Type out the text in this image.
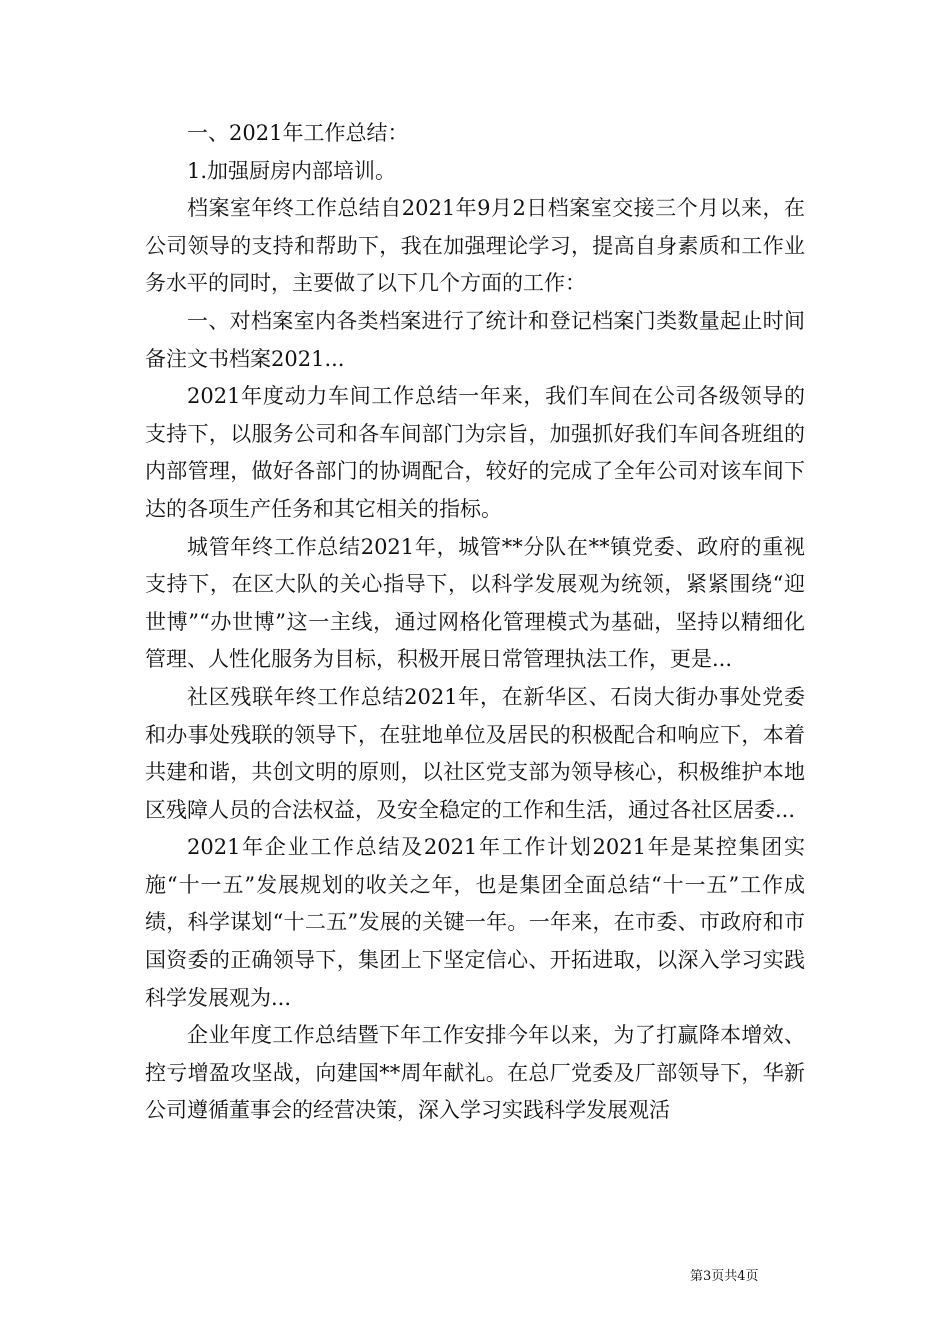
一、2021年工作总结：

1.加强厨房内部培训。

档案室年终工作总结自2021年9月2日档案室交接三个月以来，在公司领导的支持和帮助下，我在加强理论学习，提高自身素质和工作业务水平的同时，主要做了以下几个方面的工作：

一、对档案室内各类档案进行了统计和登记档案门类数量起止时间备注文书档案2021...

2021年度动力车间工作总结一年来，我们车间在公司各级领导的支持下，以服务公司和各车间部门为宗旨，加强抓好我们车间各班组的内部管理，做好各部门的协调配合，较好的完成了全年公司对该车间下达的各项生产任务和其它相关的指标。

城管年终工作总结2021年，城管**分队在**镇党委、政府的重视支持下，在区大队的关心指导下，以科学发展观为统领，紧紧围绕“迎世博”“办世博”这一主线，通过网格化管理模式为基础，坚持以精细化管理、人性化服务为目标，积极开展日常管理执法工作，更是...

社区残联年终工作总结2021年，在新华区、石岗大街办事处党委和办事处残联的领导下，在驻地单位及居民的积极配合和响应下，本着共建和谐，共创文明的原则，以社区党支部为领导核心，积极维护本地区残障人员的合法权益，及安全稳定的工作和生活，通过各社区居委...

2021年企业工作总结及2021年工作计划2021年是某控集团实施“十一五”发展规划的收关之年，也是集团全面总结“十一五”工作成绩，科学谋划“十二五”发展的关键一年。一年来，在市委、市政府和市国资委的正确领导下，集团上下坚定信心、开拓进取，以深入学习实践科学发展观为...

企业年度工作总结暨下年工作安排今年以来，为了打赢降本增效、控亏增盈攻坚战，向建国**周年献礼。在总厂党委及厂部领导下，华新公司遵循董事会的经营决策，深入学习实践科学发展观活

第3页共4页
